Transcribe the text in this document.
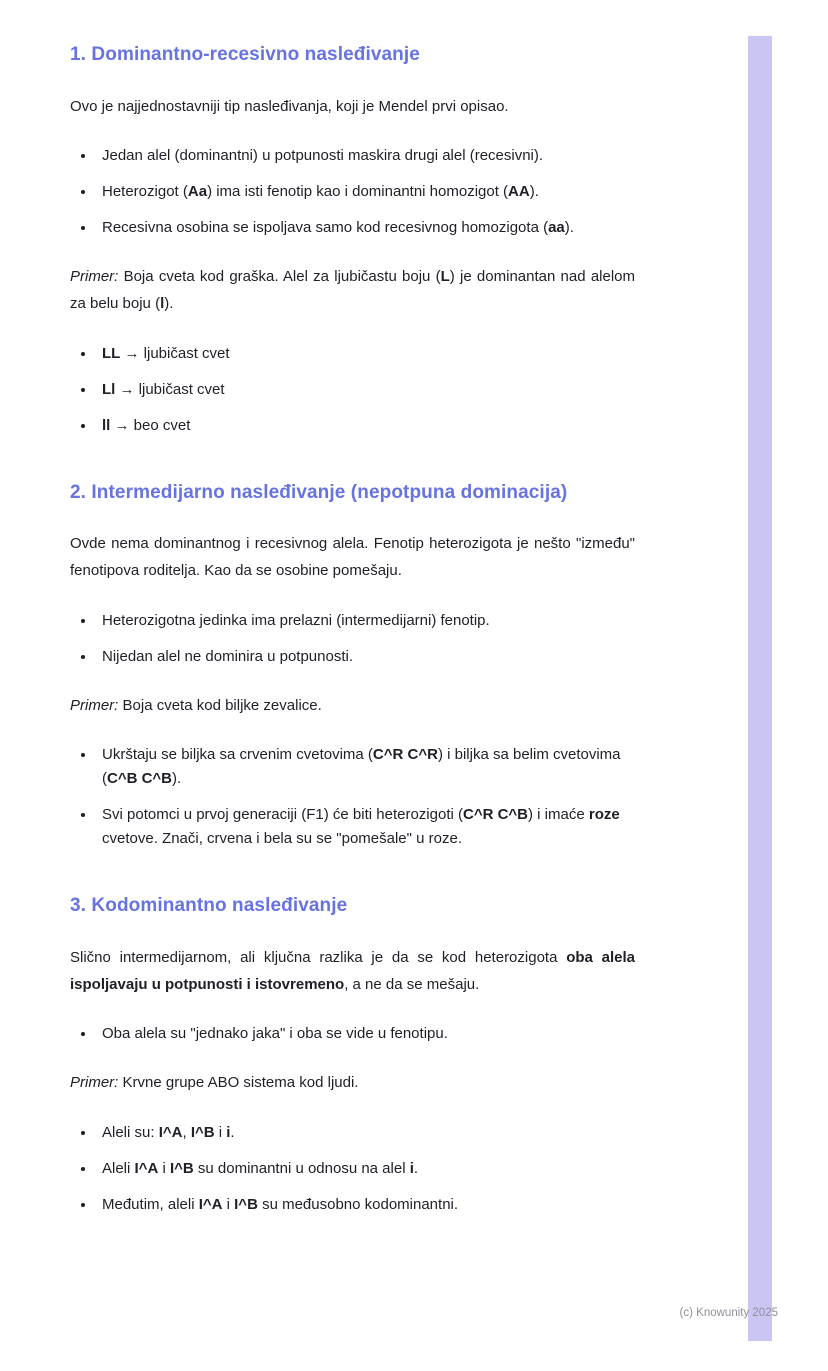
1. Dominantno-recesivno nasleđivanje

Ovo je najjednostavniji tip nasleđivanja, koji je Mendel prvi opisao.

• Jedan alel (dominantni) u potpunosti maskira drugi alel (recesivni).
• Heterozigot (Aa) ima isti fenotip kao i dominantni homozigot (AA).
• Recesivna osobina se ispoljava samo kod recesivnog homozigota (aa).

Primer: Boja cveta kod graška. Alel za ljubičastu boju (L) je dominantan nad alelom za belu boju (l).

• LL → ljubičast cvet
• Ll → ljubičast cvet
• ll → beo cvet
2. Intermedijarno nasleđivanje (nepotpuna dominacija)

Ovde nema dominantnog i recesivnog alela. Fenotip heterozigota je nešto "između" fenotipova roditelja. Kao da se osobine pomešaju.

• Heterozigotna jedinka ima prelazni (intermedijarni) fenotip.
• Nijedan alel ne dominira u potpunosti.

Primer: Boja cveta kod biljke zevalice.

• Ukrštaju se biljka sa crvenim cvetovima (C^R C^R) i biljka sa belim cvetovima (C^B C^B).
• Svi potomci u prvoj generaciji (F1) će biti heterozigoti (C^R C^B) i imaće roze cvetove. Znači, crvena i bela su se "pomešale" u roze.
3. Kodominantno nasleđivanje

Slično intermedijarnom, ali ključna razlika je da se kod heterozigota oba alela ispoljavaju u potpunosti i istovremeno, a ne da se mešaju.

• Oba alela su "jednako jaka" i oba se vide u fenotipu.

Primer: Krvne grupe ABO sistema kod ljudi.

• Aleli su: I^A, I^B i i.
• Aleli I^A i I^B su dominantni u odnosu na alel i.
• Međutim, aleli I^A i I^B su međusobno kodominantni.
(c) Knowunity 2025
